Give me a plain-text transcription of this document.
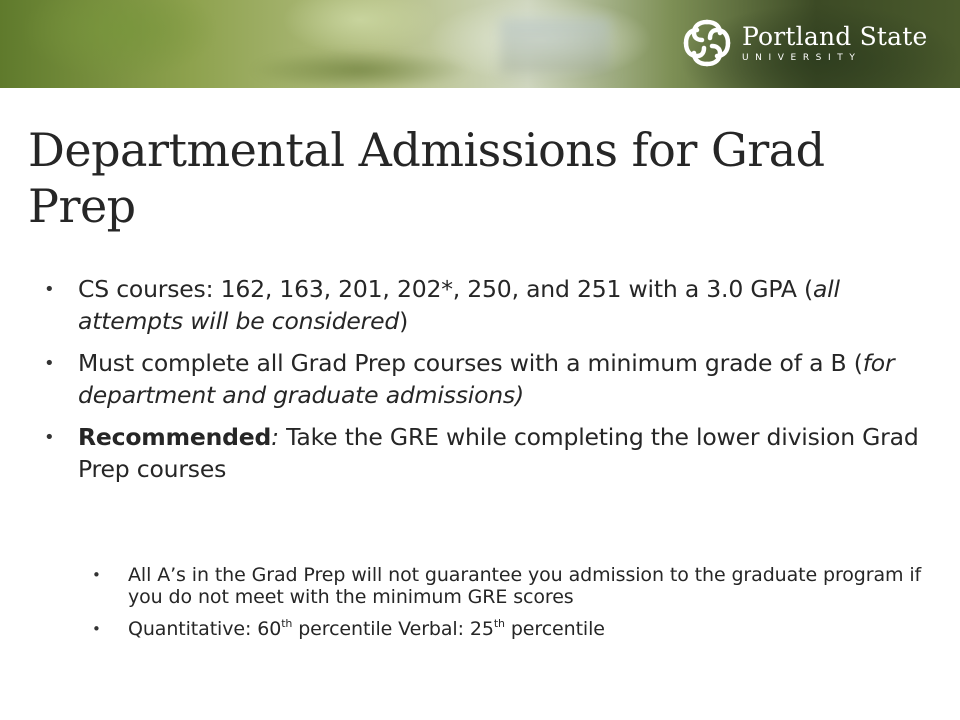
Portland State
UNIVERSITY
Departmental Admissions for Grad Prep
• CS courses: 162, 163, 201, 202*, 250, and 251 with a 3.0 GPA (all attempts will be considered)
• Must complete all Grad Prep courses with a minimum grade of a B (for department and graduate admissions)
• Recommended: Take the GRE while completing the lower division Grad Prep courses
• All A’s in the Grad Prep will not guarantee you admission to the graduate program if you do not meet with the minimum GRE scores
• Quantitative: 60th percentile Verbal: 25th percentile
